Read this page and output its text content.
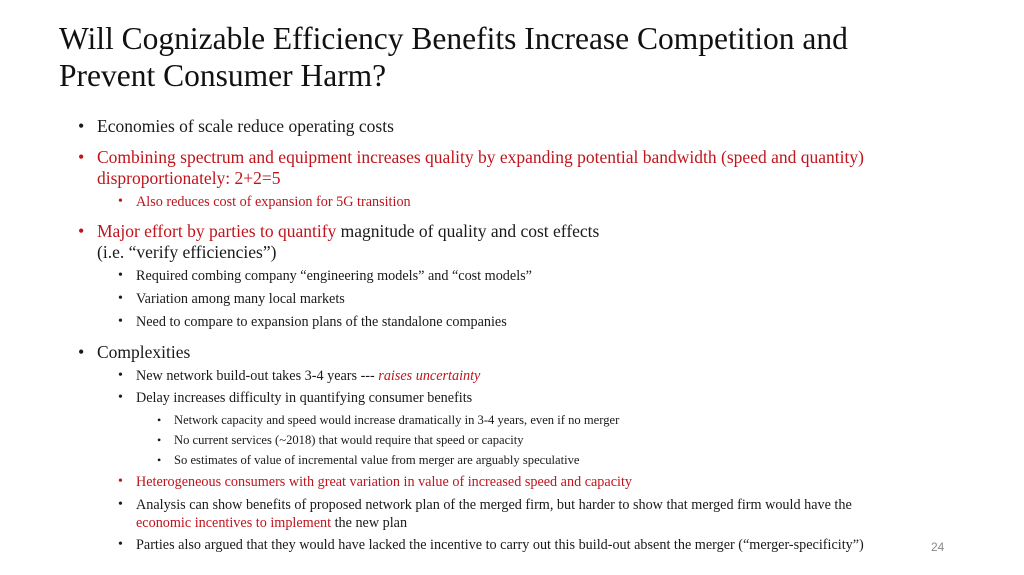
Will Cognizable Efficiency Benefits Increase Competition and
Prevent Consumer Harm?
• Economies of scale reduce operating costs
• Combining spectrum and equipment increases quality by expanding potential bandwidth (speed and quantity)
disproportionately: 2+2=5
• Also reduces cost of expansion for 5G transition
• Major effort by parties to quantify magnitude of quality and cost effects
(i.e. “verify efficiencies”)
• Required combing company “engineering models” and “cost models”
• Variation among many local markets
• Need to compare to expansion plans of the standalone companies
• Complexities
• New network build-out takes 3-4 years --- raises uncertainty
• Delay increases difficulty in quantifying consumer benefits
• Network capacity and speed would increase dramatically in 3-4 years, even if no merger
• No current services (~2018) that would require that speed or capacity
• So estimates of value of incremental value from merger are arguably speculative
• Heterogeneous consumers with great variation in value of increased speed and capacity
• Analysis can show benefits of proposed network plan of the merged firm, but harder to show that merged firm would have the
economic incentives to implement the new plan
• Parties also argued that they would have lacked the incentive to carry out this build-out absent the merger (“merger-specificity”)	24
